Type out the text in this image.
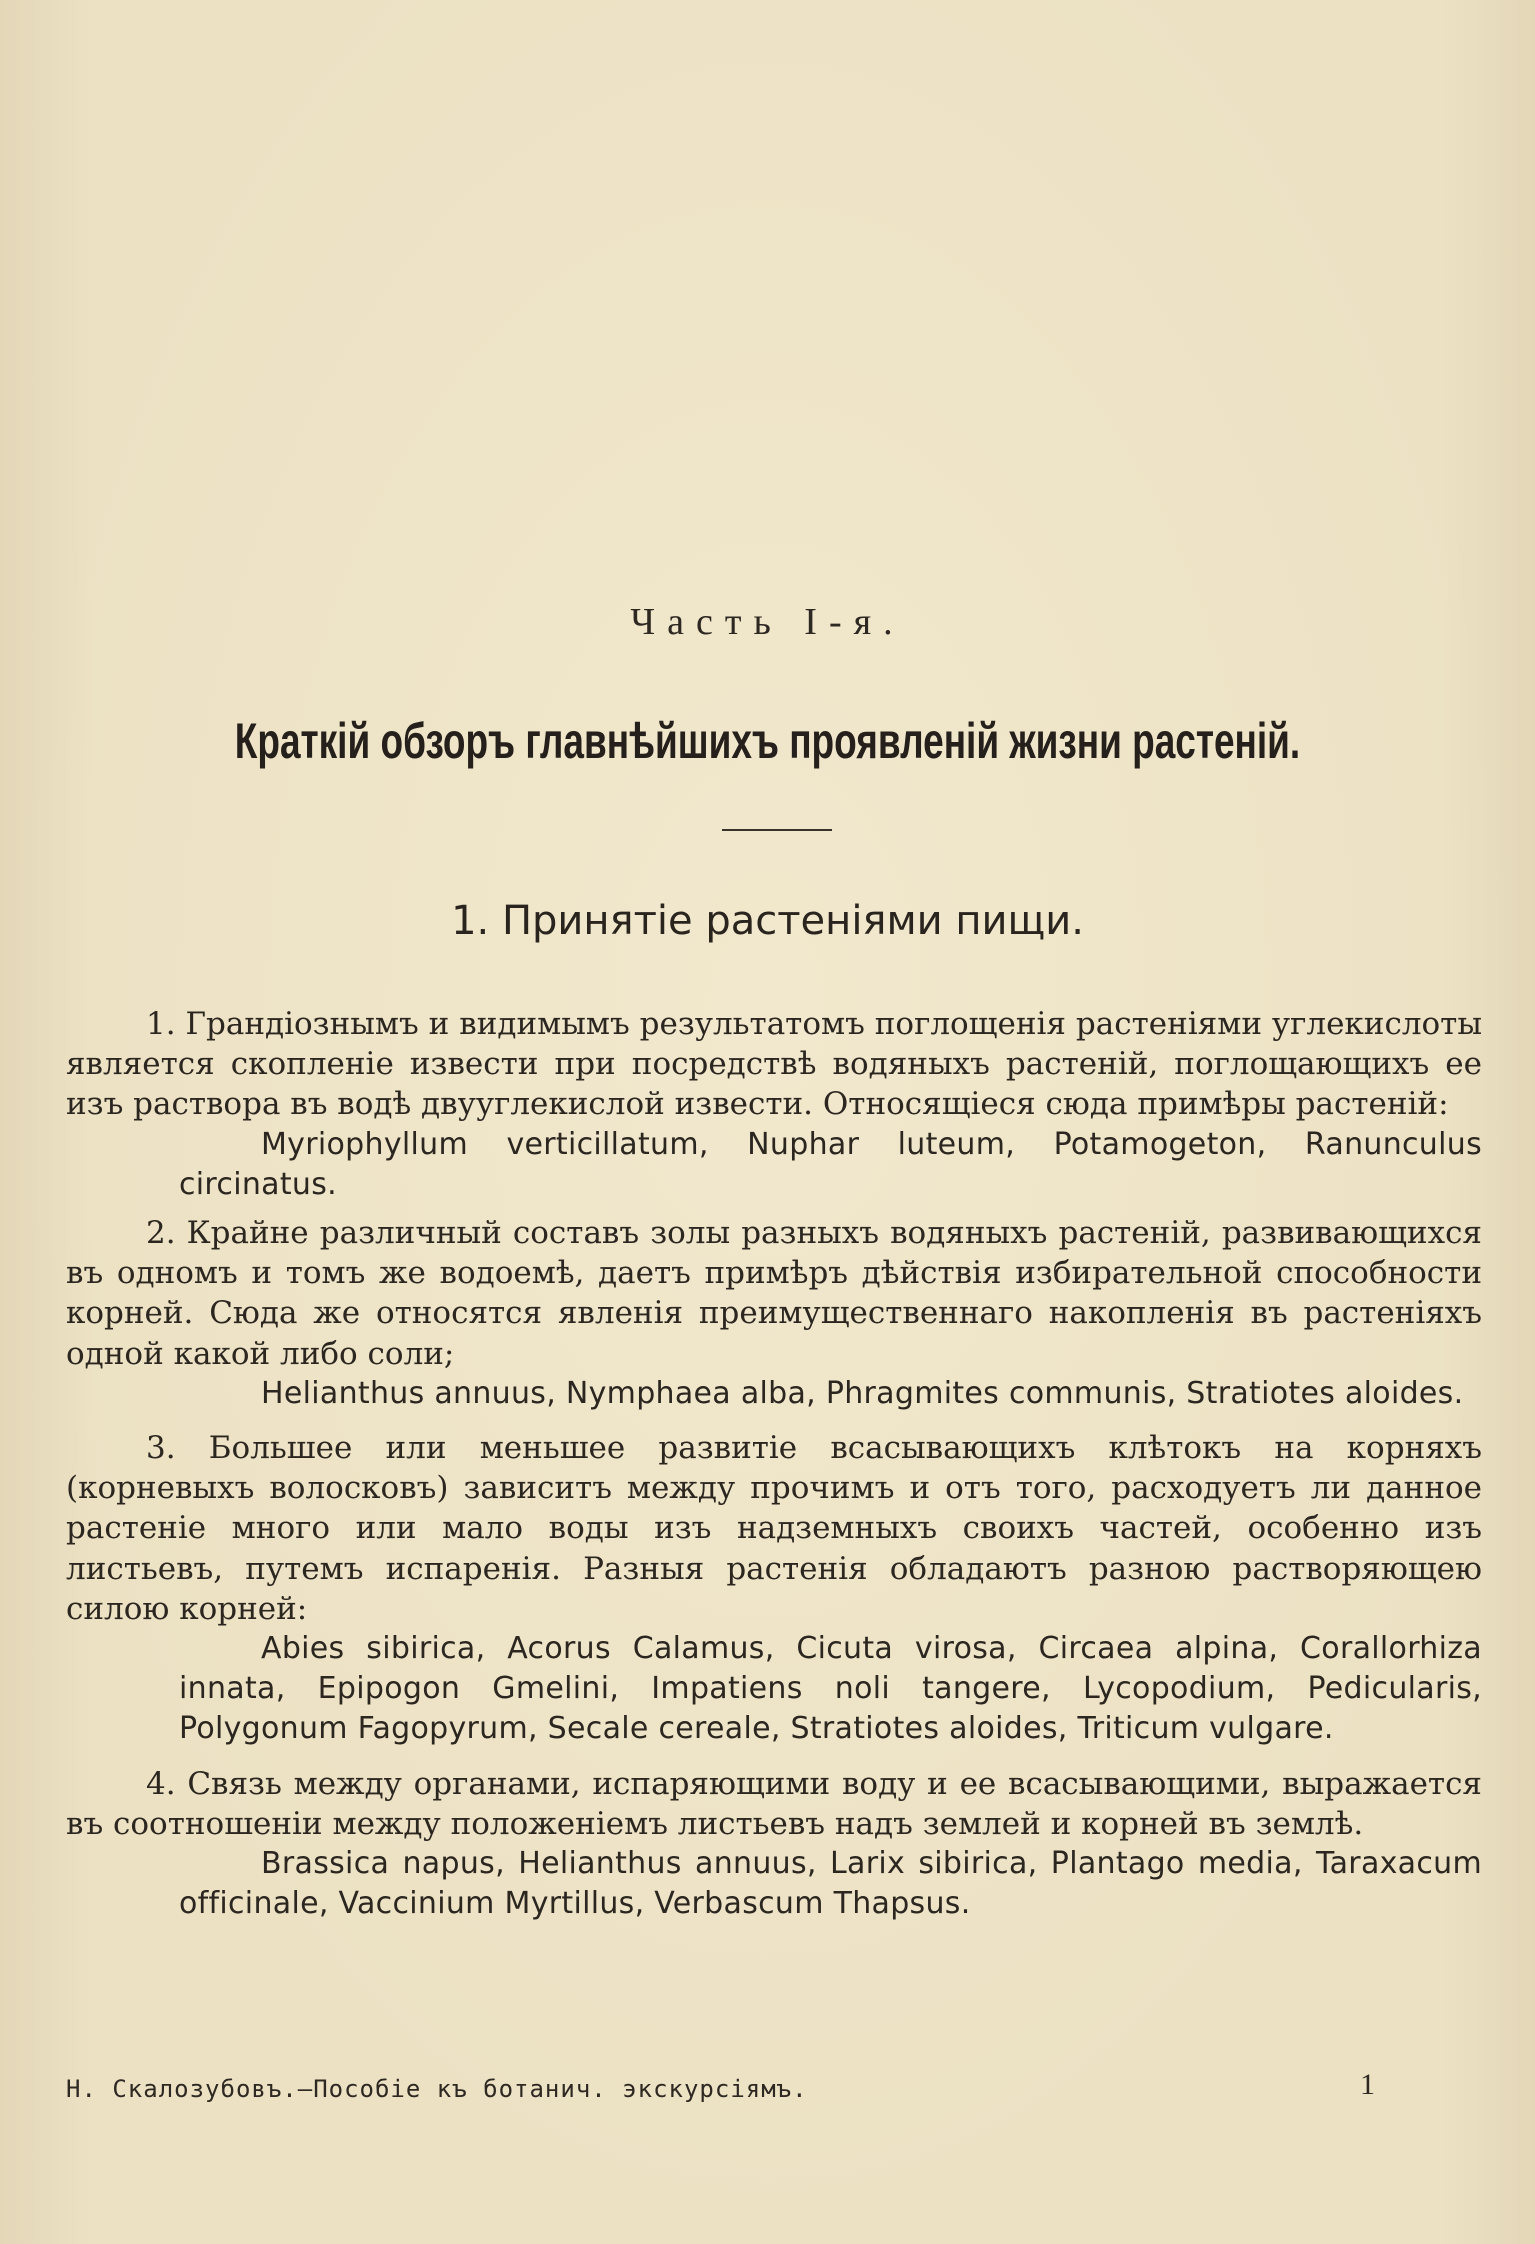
Часть I-я.
Краткій обзоръ главнѣйшихъ проявленій жизни растеній.
1. Принятіе растеніями пищи.

1. Грандіознымъ и видимымъ результатомъ поглощенія растеніями углекислоты является скопленіе извести при посредствѣ водяныхъ растеній, поглощающихъ ее изъ раствора въ водѣ двууглекислой извести. Относящіеся сюда примѣры растеній:

Myriophyllum verticillatum, Nuphar luteum, Potamogeton, Ranunculus circinatus.

2. Крайне различный составъ золы разныхъ водяныхъ растеній, развивающихся въ одномъ и томъ же водоемѣ, даетъ примѣръ дѣйствія избирательной способности корней. Сюда же относятся явленія преимущественнаго накопленія въ растеніяхъ одной какой либо соли;

Helianthus annuus, Nymphaea alba, Phragmites communis, Stratiotes aloides.

3. Большее или меньшее развитіе всасывающихъ клѣтокъ на корняхъ (корневыхъ волосковъ) зависитъ между прочимъ и отъ того, расходуетъ ли данное растеніе много или мало воды изъ надземныхъ своихъ частей, особенно изъ листьевъ, путемъ испаренія. Разныя растенія обладаютъ разною растворяющею силою корней:

Abies sibirica, Acorus Calamus, Cicuta virosa, Circaea alpina, Corallorhiza innata, Epipogon Gmelini, Impatiens noli tangere, Lycopodium, Pedicularis, Polygonum Fagopyrum, Secale cereale, Stratiotes aloides, Triticum vulgare.

4. Связь между органами, испаряющими воду и ее всасывающими, выражается въ соотношеніи между положеніемъ листьевъ надъ землей и корней въ землѣ.

Brassica napus, Helianthus annuus, Larix sibirica, Plantago media, Taraxacum officinale, Vaccinium Myrtillus, Verbascum Thapsus.

Н. Скалозубовъ.—Пособіе къ ботанич. экскурсіямъ.	1
